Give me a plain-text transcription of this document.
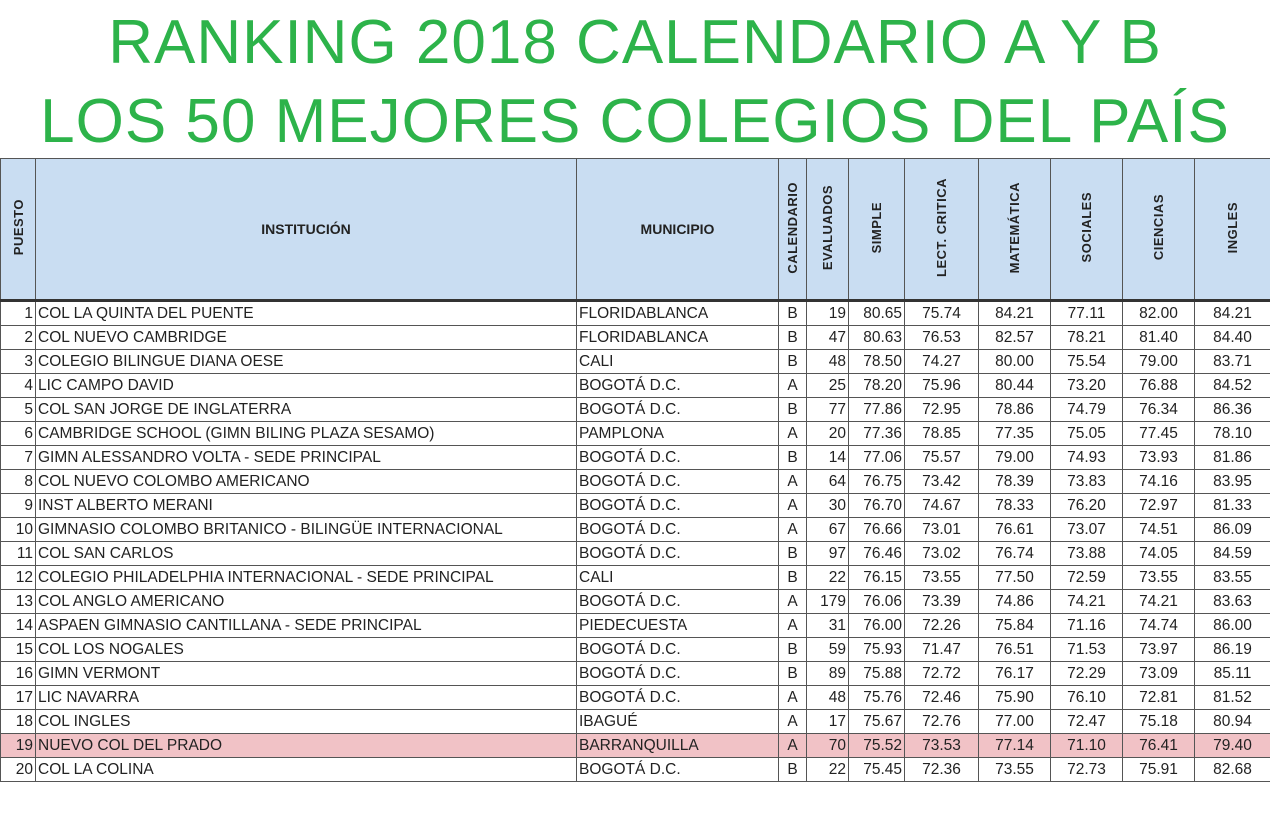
RANKING 2018 CALENDARIO A Y B
LOS 50 MEJORES COLEGIOS DEL PAÍS
PUESTO	INSTITUCIÓN	MUNICIPIO	CALENDARIO	EVALUADOS	SIMPLE	LECT. CRITICA	MATEMÁTICA	SOCIALES	CIENCIAS	INGLES
1	COL LA QUINTA DEL PUENTE	FLORIDABLANCA	B	19	80.65	75.74	84.21	77.11	82.00	84.21
2	COL NUEVO CAMBRIDGE	FLORIDABLANCA	B	47	80.63	76.53	82.57	78.21	81.40	84.40
3	COLEGIO BILINGUE DIANA OESE	CALI	B	48	78.50	74.27	80.00	75.54	79.00	83.71
4	LIC CAMPO DAVID	BOGOTÁ D.C.	A	25	78.20	75.96	80.44	73.20	76.88	84.52
5	COL SAN JORGE DE INGLATERRA	BOGOTÁ D.C.	B	77	77.86	72.95	78.86	74.79	76.34	86.36
6	CAMBRIDGE SCHOOL (GIMN BILING PLAZA SESAMO)	PAMPLONA	A	20	77.36	78.85	77.35	75.05	77.45	78.10
7	GIMN ALESSANDRO VOLTA - SEDE PRINCIPAL	BOGOTÁ D.C.	B	14	77.06	75.57	79.00	74.93	73.93	81.86
8	COL NUEVO COLOMBO AMERICANO	BOGOTÁ D.C.	A	64	76.75	73.42	78.39	73.83	74.16	83.95
9	INST ALBERTO MERANI	BOGOTÁ D.C.	A	30	76.70	74.67	78.33	76.20	72.97	81.33
10	GIMNASIO COLOMBO BRITANICO - BILINGÜE INTERNACIONAL	BOGOTÁ D.C.	A	67	76.66	73.01	76.61	73.07	74.51	86.09
11	COL SAN CARLOS	BOGOTÁ D.C.	B	97	76.46	73.02	76.74	73.88	74.05	84.59
12	COLEGIO PHILADELPHIA INTERNACIONAL - SEDE PRINCIPAL	CALI	B	22	76.15	73.55	77.50	72.59	73.55	83.55
13	COL ANGLO AMERICANO	BOGOTÁ D.C.	A	179	76.06	73.39	74.86	74.21	74.21	83.63
14	ASPAEN GIMNASIO CANTILLANA - SEDE PRINCIPAL	PIEDECUESTA	A	31	76.00	72.26	75.84	71.16	74.74	86.00
15	COL LOS NOGALES	BOGOTÁ D.C.	B	59	75.93	71.47	76.51	71.53	73.97	86.19
16	GIMN VERMONT	BOGOTÁ D.C.	B	89	75.88	72.72	76.17	72.29	73.09	85.11
17	LIC NAVARRA	BOGOTÁ D.C.	A	48	75.76	72.46	75.90	76.10	72.81	81.52
18	COL INGLES	IBAGUÉ	A	17	75.67	72.76	77.00	72.47	75.18	80.94
19	NUEVO COL DEL PRADO	BARRANQUILLA	A	70	75.52	73.53	77.14	71.10	76.41	79.40
20	COL LA COLINA	BOGOTÁ D.C.	B	22	75.45	72.36	73.55	72.73	75.91	82.68
